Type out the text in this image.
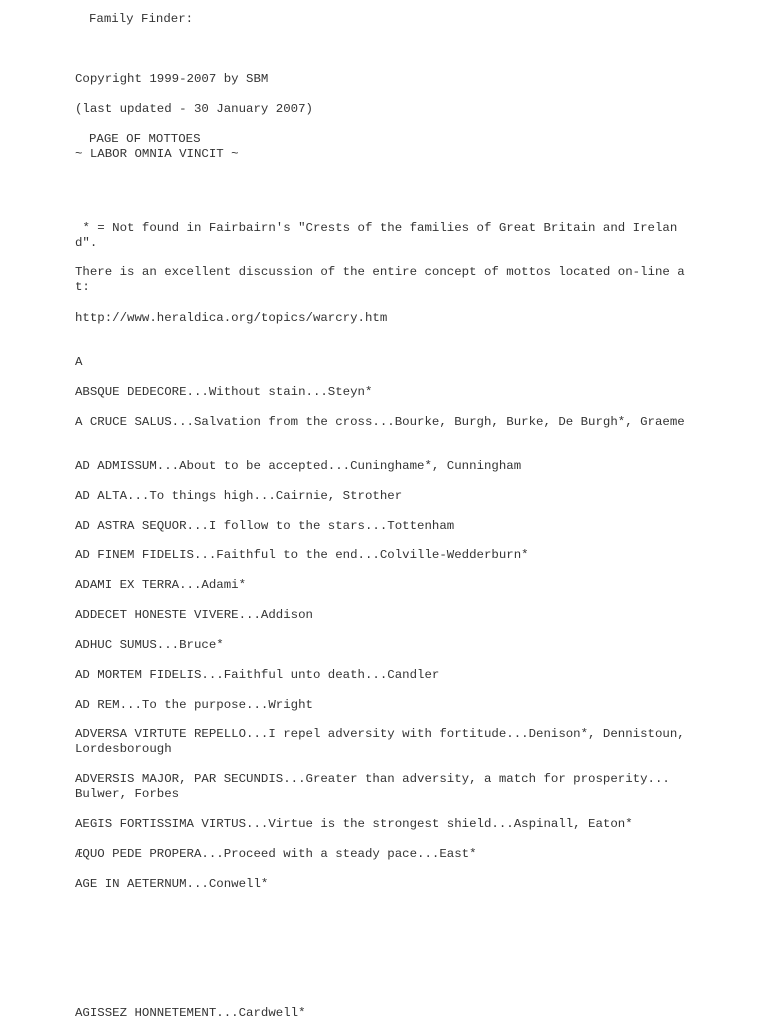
Family Finder:

Copyright 1999-2007 by SBM

(last updated - 30 January 2007)

PAGE OF MOTTOES

~ LABOR OMNIA VINCIT ~

* = Not found in Fairbairn's "Crests of the families of Great Britain and Ireland".

There is an excellent discussion of the entire concept of mottos located on-line at:

http://www.heraldica.org/topics/warcry.htm

A

ABSQUE DEDECORE...Without stain...Steyn*

A CRUCE SALUS...Salvation from the cross...Bourke, Burgh, Burke, De Burgh*, Graeme

AD ADMISSUM...About to be accepted...Cuninghame*, Cunningham

AD ALTA...To things high...Cairnie, Strother

AD ASTRA SEQUOR...I follow to the stars...Tottenham

AD FINEM FIDELIS...Faithful to the end...Colville-Wedderburn*

ADAMI EX TERRA...Adami*

ADDECET HONESTE VIVERE...Addison

ADHUC SUMUS...Bruce*

AD MORTEM FIDELIS...Faithful unto death...Candler

AD REM...To the purpose...Wright

ADVERSA VIRTUTE REPELLO...I repel adversity with fortitude...Denison*, Dennistoun, Lordesborough

ADVERSIS MAJOR, PAR SECUNDIS...Greater than adversity, a match for prosperity...
Bulwer, Forbes

AEGIS FORTISSIMA VIRTUS...Virtue is the strongest shield...Aspinall, Eaton*

ÆQUO PEDE PROPERA...Proceed with a steady pace...East*

AGE IN AETERNUM...Conwell*

AGISSEZ HONNETEMENT...Cardwell*
